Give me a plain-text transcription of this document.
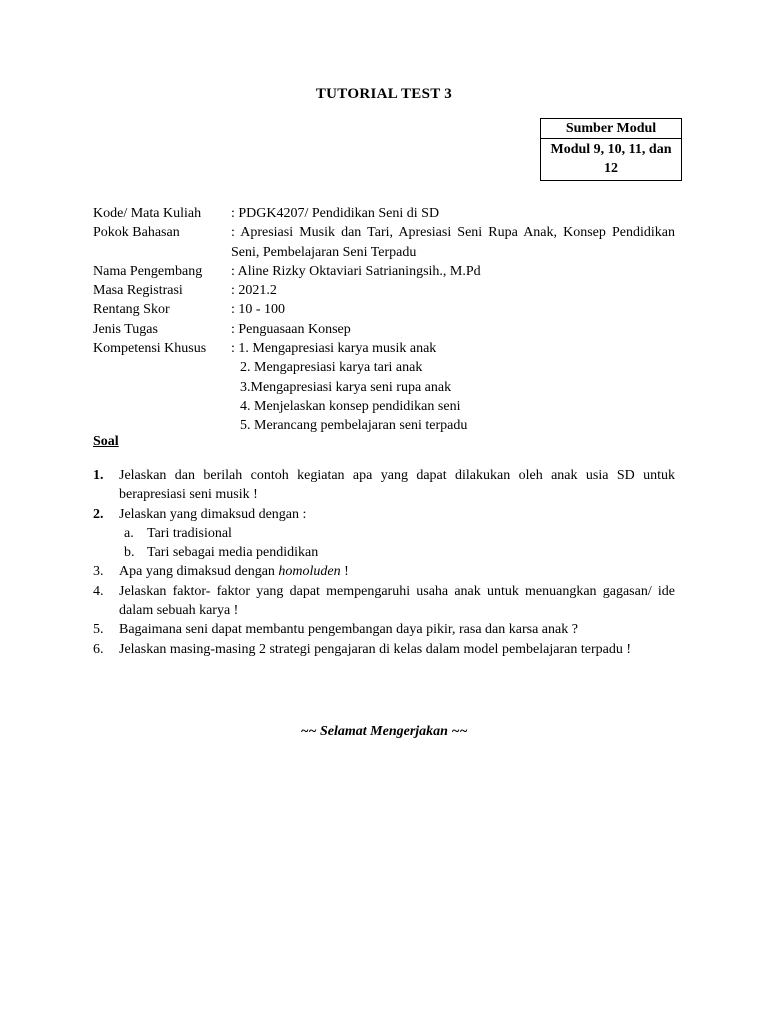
TUTORIAL TEST 3
Sumber Modul
Modul 9, 10, 11, dan 12
Kode/ Mata Kuliah	: PDGK4207/ Pendidikan Seni di SD
Pokok Bahasan	: Apresiasi Musik dan Tari, Apresiasi Seni Rupa Anak, Konsep Pendidikan Seni, Pembelajaran Seni Terpadu
Nama Pengembang	: Aline Rizky Oktaviari Satrianingsih., M.Pd
Masa Registrasi	: 2021.2
Rentang Skor	: 10 - 100
Jenis Tugas	: Penguasaan Konsep
Kompetensi Khusus	: 1. Mengapresiasi karya musik anak
2. Mengapresiasi karya tari anak
3.Mengapresiasi karya seni rupa anak
4. Menjelaskan konsep pendidikan seni
5. Merancang pembelajaran seni terpadu
Soal
1.	Jelaskan dan berilah contoh kegiatan apa yang dapat dilakukan oleh anak usia SD untuk berapresiasi seni musik !
2.	Jelaskan yang dimaksud dengan :
a. Tari tradisional
b. Tari sebagai media pendidikan
3.	Apa yang dimaksud dengan homoluden !
4.	Jelaskan faktor- faktor yang dapat mempengaruhi usaha anak untuk menuangkan gagasan/ ide dalam sebuah karya !
5.	Bagaimana seni dapat membantu pengembangan daya pikir, rasa dan karsa anak ?
6.	Jelaskan masing-masing 2 strategi pengajaran di kelas dalam model pembelajaran terpadu !
~~ Selamat Mengerjakan ~~
